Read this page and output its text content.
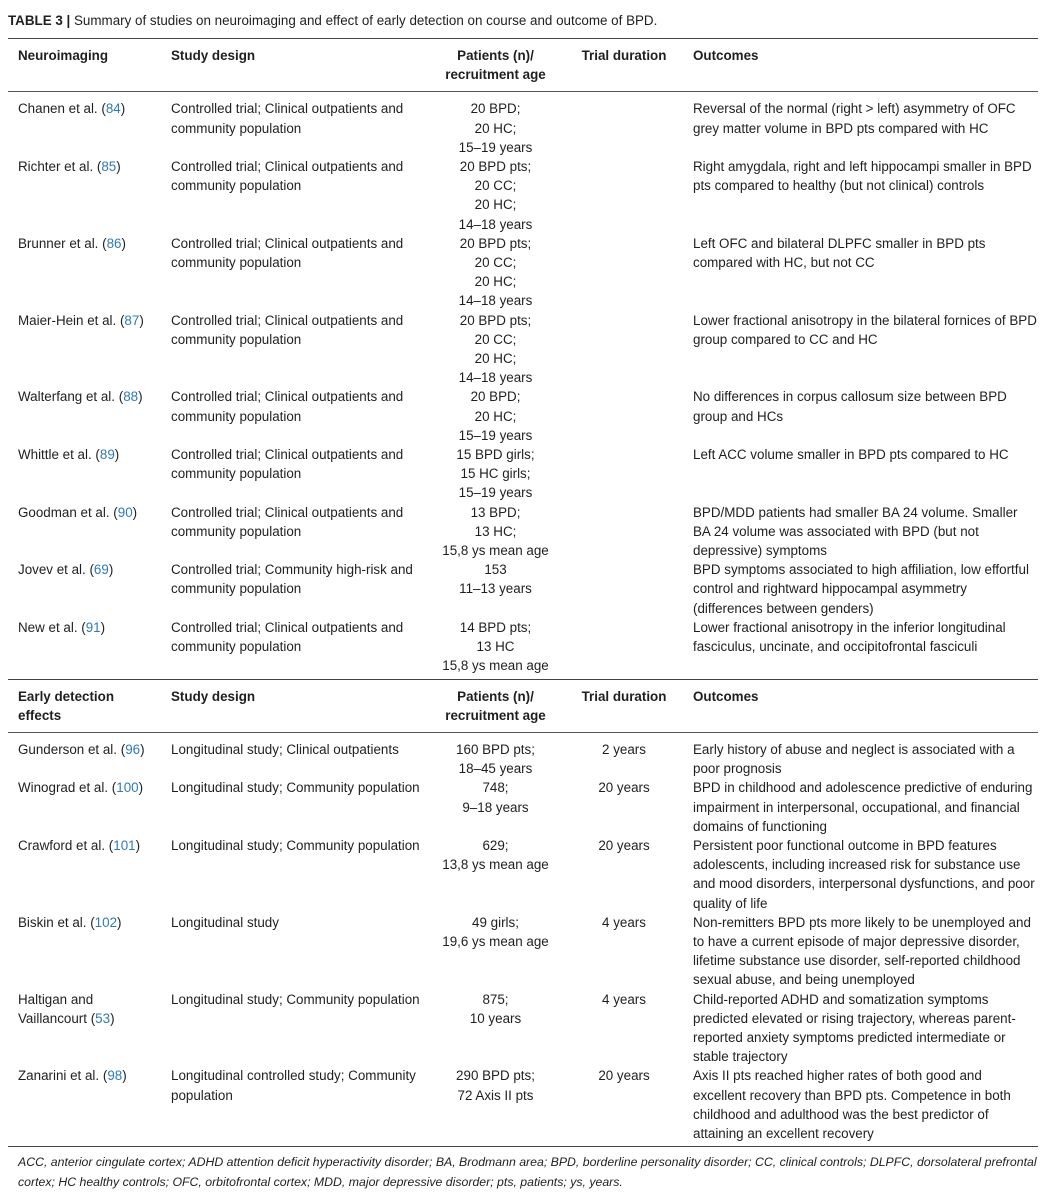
TABLE 3 | Summary of studies on neuroimaging and effect of early detection on course and outcome of BPD.
Neuroimaging	Study design	Patients (n)/
recruitment age	Trial duration	Outcomes
Chanen et al. (84)	Controlled trial; Clinical outpatients and community population	20 BPD;
20 HC;
15–19 years		Reversal of the normal (right > left) asymmetry of OFC grey matter volume in BPD pts compared with HC
Richter et al. (85)	Controlled trial; Clinical outpatients and community population	20 BPD pts;
20 CC;
20 HC;
14–18 years		Right amygdala, right and left hippocampi smaller in BPD pts compared to healthy (but not clinical) controls
Brunner et al. (86)	Controlled trial; Clinical outpatients and community population	20 BPD pts;
20 CC;
20 HC;
14–18 years		Left OFC and bilateral DLPFC smaller in BPD pts compared with HC, but not CC
Maier-Hein et al. (87)	Controlled trial; Clinical outpatients and community population	20 BPD pts;
20 CC;
20 HC;
14–18 years		Lower fractional anisotropy in the bilateral fornices of BPD group compared to CC and HC
Walterfang et al. (88)	Controlled trial; Clinical outpatients and community population	20 BPD;
20 HC;
15–19 years		No differences in corpus callosum size between BPD group and HCs
Whittle et al. (89)	Controlled trial; Clinical outpatients and community population	15 BPD girls;
15 HC girls;
15–19 years		Left ACC volume smaller in BPD pts compared to HC
Goodman et al. (90)	Controlled trial; Clinical outpatients and community population	13 BPD;
13 HC;
15,8 ys mean age		BPD/MDD patients had smaller BA 24 volume. Smaller BA 24 volume was associated with BPD (but not depressive) symptoms
Jovev et al. (69)	Controlled trial; Community high-risk and community population	153
11–13 years		BPD symptoms associated to high affiliation, low effortful control and rightward hippocampal asymmetry (differences between genders)
New et al. (91)	Controlled trial; Clinical outpatients and community population	14 BPD pts;
13 HC
15,8 ys mean age		Lower fractional anisotropy in the inferior longitudinal fasciculus, uncinate, and occipitofrontal fasciculi
Early detection
effects	Study design	Patients (n)/
recruitment age	Trial duration	Outcomes
Gunderson et al. (96)	Longitudinal study; Clinical outpatients	160 BPD pts;
18–45 years	2 years	Early history of abuse and neglect is associated with a poor prognosis
Winograd et al. (100)	Longitudinal study; Community population	748;
9–18 years	20 years	BPD in childhood and adolescence predictive of enduring impairment in interpersonal, occupational, and financial domains of functioning
Crawford et al. (101)	Longitudinal study; Community population	629;
13,8 ys mean age	20 years	Persistent poor functional outcome in BPD features adolescents, including increased risk for substance use and mood disorders, interpersonal dysfunctions, and poor quality of life
Biskin et al. (102)	Longitudinal study	49 girls;
19,6 ys mean age	4 years	Non-remitters BPD pts more likely to be unemployed and to have a current episode of major depressive disorder, lifetime substance use disorder, self-reported childhood sexual abuse, and being unemployed
Haltigan and Vaillancourt (53)	Longitudinal study; Community population	875;
10 years	4 years	Child-reported ADHD and somatization symptoms predicted elevated or rising trajectory, whereas parent-reported anxiety symptoms predicted intermediate or stable trajectory
Zanarini et al. (98)	Longitudinal controlled study; Community population	290 BPD pts;
72 Axis II pts	20 years	Axis II pts reached higher rates of both good and excellent recovery than BPD pts. Competence in both childhood and adulthood was the best predictor of attaining an excellent recovery
ACC, anterior cingulate cortex; ADHD attention deficit hyperactivity disorder; BA, Brodmann area; BPD, borderline personality disorder; CC, clinical controls; DLPFC, dorsolateral prefrontal cortex; HC healthy controls; OFC, orbitofrontal cortex; MDD, major depressive disorder; pts, patients; ys, years.
